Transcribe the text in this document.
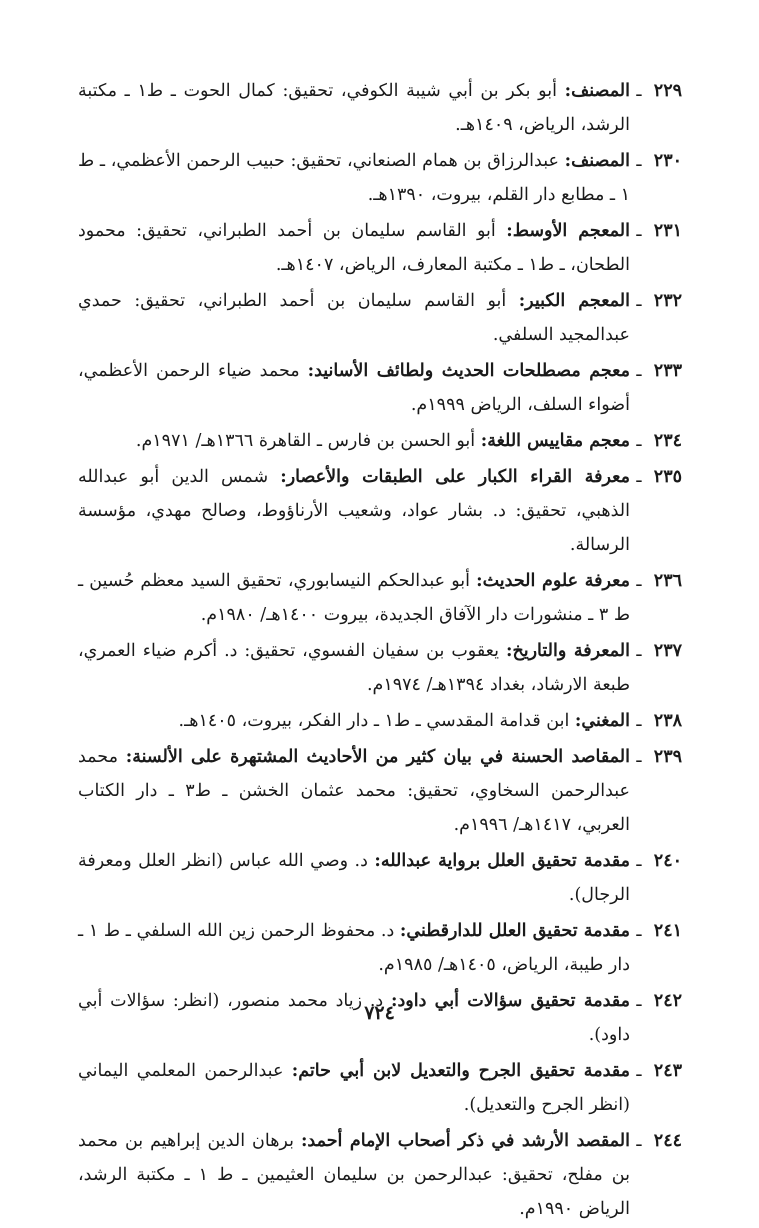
٢٢٩
ـ
المصنف: أبو بكر بن أبي شيبة الكوفي، تحقيق: كمال الحوت ـ ط١ ـ مكتبة الرشد، الرياض، ١٤٠٩هـ.
٢٣٠
ـ
المصنف: عبدالرزاق بن همام الصنعاني، تحقيق: حبيب الرحمن الأعظمي، ـ ط ١ ـ مطابع دار القلم، بيروت، ١٣٩٠هـ.
٢٣١
ـ
المعجم الأوسط: أبو القاسم سليمان بن أحمد الطبراني، تحقيق: محمود الطحان، ـ ط١ ـ مكتبة المعارف، الرياض، ١٤٠٧هـ.
٢٣٢
ـ
المعجم الكبير: أبو القاسم سليمان بن أحمد الطبراني، تحقيق: حمدي عبدالمجيد السلفي.
٢٣٣
ـ
معجم مصطلحات الحديث ولطائف الأسانيد: محمد ضياء الرحمن الأعظمي، أضواء السلف، الرياض ١٩٩٩م.
٢٣٤
ـ
معجم مقاييس اللغة: أبو الحسن بن فارس ـ القاهرة ١٣٦٦هـ/ ١٩٧١م.
٢٣٥
ـ
معرفة القراء الكبار على الطبقات والأعصار: شمس الدين أبو عبدالله الذهبي، تحقيق: د. بشار عواد، وشعيب الأرناؤوط، وصالح مهدي، مؤسسة الرسالة.
٢٣٦
ـ
معرفة علوم الحديث: أبو عبدالحكم النيسابوري، تحقيق السيد معظم حُسين ـ ط ٣ ـ منشورات دار الآفاق الجديدة، بيروت ١٤٠٠هـ/ ١٩٨٠م.
٢٣٧
ـ
المعرفة والتاريخ: يعقوب بن سفيان الفسوي، تحقيق: د. أكرم ضياء العمري، طبعة الارشاد، بغداد ١٣٩٤هـ/ ١٩٧٤م.
٢٣٨
ـ
المغني: ابن قدامة المقدسي ـ ط١ ـ دار الفكر، بيروت، ١٤٠٥هـ.
٢٣٩
ـ
المقاصد الحسنة في بيان كثير من الأحاديث المشتهرة على الألسنة: محمد عبدالرحمن السخاوي، تحقيق: محمد عثمان الخشن ـ ط٣ ـ دار الكتاب العربي، ١٤١٧هـ/ ١٩٩٦م.
٢٤٠
ـ
مقدمة تحقيق العلل برواية عبدالله: د. وصي الله عباس (انظر العلل ومعرفة الرجال).
٢٤١
ـ
مقدمة تحقيق العلل للدارقطني: د. محفوظ الرحمن زين الله السلفي ـ ط ١ ـ دار طيبة، الرياض، ١٤٠٥هـ/ ١٩٨٥م.
٢٤٢
ـ
مقدمة تحقيق سؤالات أبي داود: د. زياد محمد منصور، (انظر: سؤالات أبي داود).
٢٤٣
ـ
مقدمة تحقيق الجرح والتعديل لابن أبي حاتم: عبدالرحمن المعلمي اليماني (انظر الجرح والتعديل).
٢٤٤
ـ
المقصد الأرشد في ذكر أصحاب الإمام أحمد: برهان الدين إبراهيم بن محمد بن مفلح، تحقيق: عبدالرحمن بن سليمان العثيمين ـ ط ١ ـ مكتبة الرشد، الرياض ١٩٩٠م.
٧٢٤
